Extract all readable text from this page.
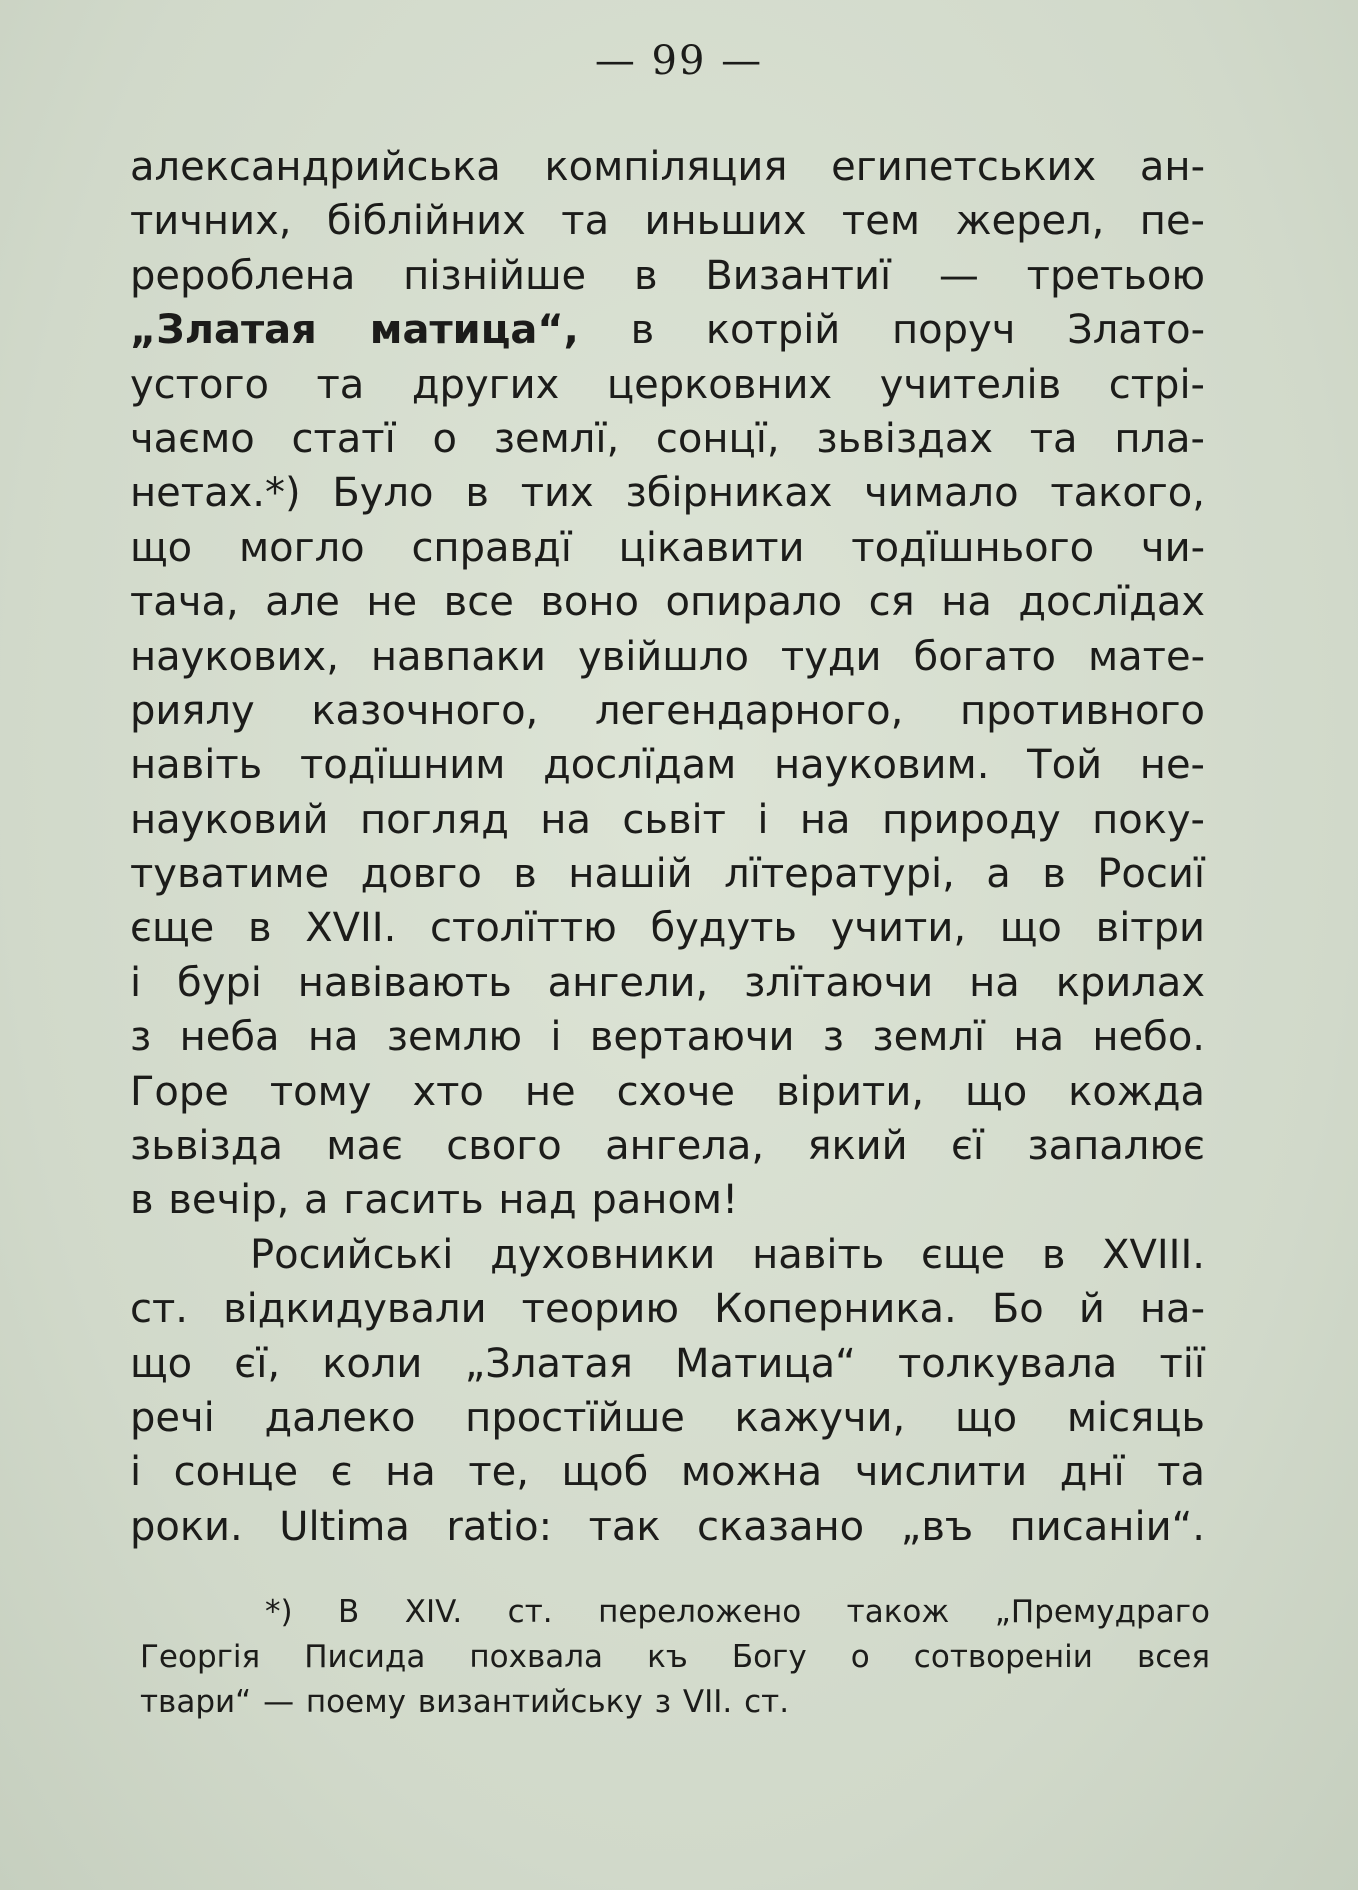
— 99 —
александрийська компіляция египетських ан-
тичних, біблійних та иньших тем жерел, пе-
рероблена пізнійше в Византиї — третьою
„Златая матица“, в котрій поруч Злато-
устого та других церковних учителів стрі-
чаємо статї о землї, сонцї, зьвіздах та пла-
нетах.*) Було в тих збірниках чимало такого,
що могло справдї цікавити тодїшнього чи-
тача, але не все воно опирало ся на дослїдах
наукових, навпаки увійшло туди богато мате-
риялу казочного, легендарного, противного
навіть тодїшним дослїдам науковим. Той не-
науковий погляд на сьвіт і на природу поку-
туватиме довго в нашій лїтературі, а в Росиї
єще в XVII. столїттю будуть учити, що вітри
і бурі навівають ангели, злїтаючи на крилах
з неба на землю і вертаючи з землї на небо.
Горе тому хто не схоче вірити, що кожда
зьвізда має свого ангела, який єї запалює
в вечір, а гасить над раном!
Росийські духовники навіть єще в XVIII.
ст. відкидували теорию Коперника. Бо й на-
що єї, коли „Златая Матица“ толкувала тії
речі далеко простїйше кажучи, що місяць
і сонце є на те, щоб можна числити днї та
роки. Ultima ratio: так сказано „въ писаніи“.
*) В XIV. ст. переложено також „Премудраго
Георгія Писида похвала къ Богу о сотвореніи всея
твари“ — поему византийську з VII. ст.
